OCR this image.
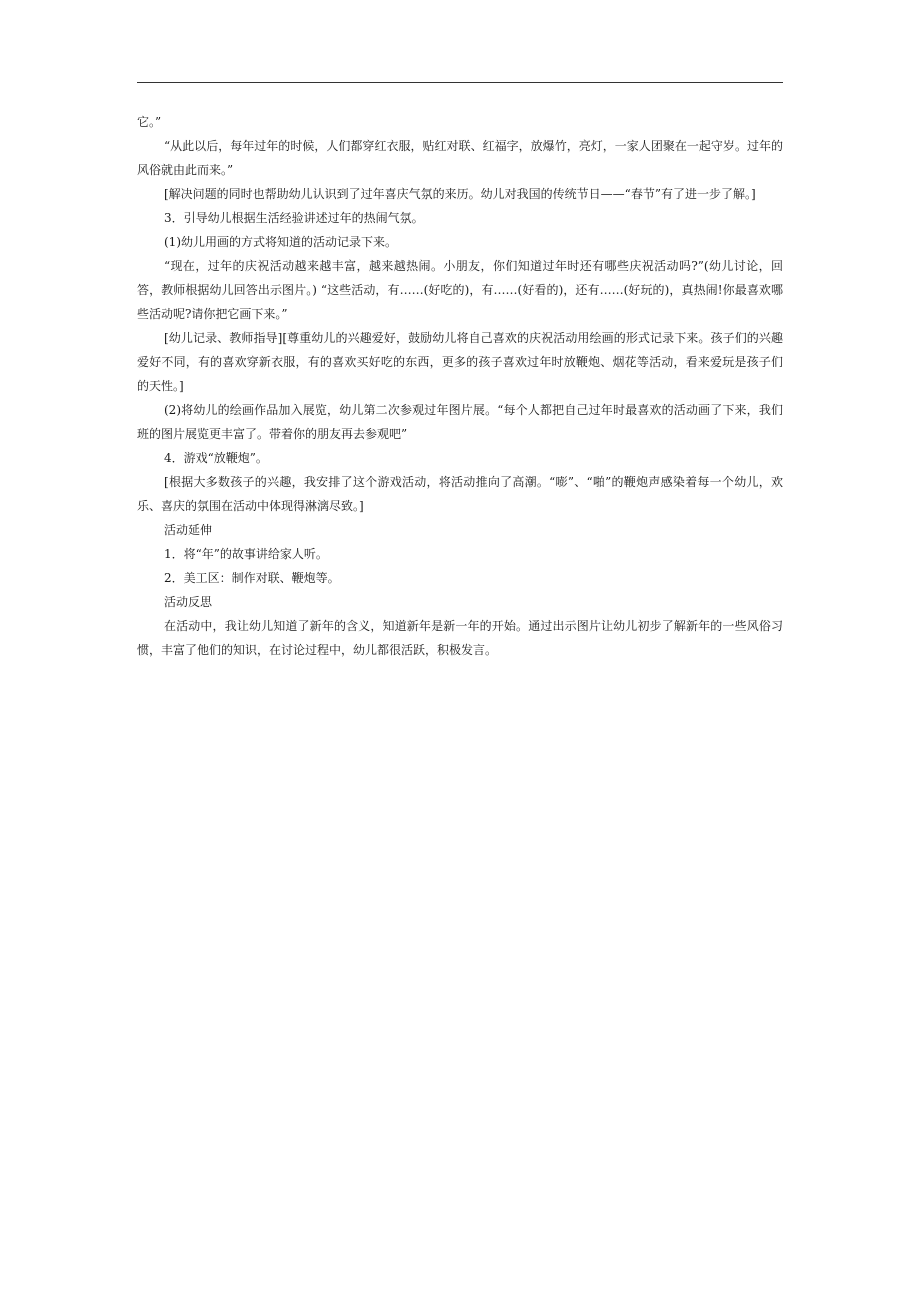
它。”

“从此以后，每年过年的时候，人们都穿红衣服，贴红对联、红福字，放爆竹，亮灯，一家人团聚在一起守岁。过年的风俗就由此而来。”

[解决问题的同时也帮助幼儿认识到了过年喜庆气氛的来历。幼儿对我国的传统节日——“春节”有了进一步了解。]

3．引导幼儿根据生活经验讲述过年的热闹气氛。

(1)幼儿用画的方式将知道的活动记录下来。

“现在，过年的庆祝活动越来越丰富，越来越热闹。小朋友，你们知道过年时还有哪些庆祝活动吗?”(幼儿讨论，回答，教师根据幼儿回答出示图片。) “这些活动，有……(好吃的)，有……(好看的)，还有……(好玩的)，真热闹!你最喜欢哪些活动呢?请你把它画下来。”

[幼儿记录、教师指导][尊重幼儿的兴趣爱好，鼓励幼儿将自己喜欢的庆祝活动用绘画的形式记录下来。孩子们的兴趣爱好不同，有的喜欢穿新衣服，有的喜欢买好吃的东西，更多的孩子喜欢过年时放鞭炮、烟花等活动，看来爱玩是孩子们的天性。]

(2)将幼儿的绘画作品加入展览，幼儿第二次参观过年图片展。“每个人都把自己过年时最喜欢的活动画了下来，我们班的图片展览更丰富了。带着你的朋友再去参观吧”

4．游戏“放鞭炮”。

[根据大多数孩子的兴趣，我安排了这个游戏活动，将活动推向了高潮。“嘭”、“啪”的鞭炮声感染着每一个幼儿，欢乐、喜庆的氛围在活动中体现得淋漓尽致。]

活动延伸

1．将“年”的故事讲给家人听。

2．美工区：制作对联、鞭炮等。

活动反思

在活动中，我让幼儿知道了新年的含义，知道新年是新一年的开始。通过出示图片让幼儿初步了解新年的一些风俗习惯，丰富了他们的知识，在讨论过程中，幼儿都很活跃，积极发言。
